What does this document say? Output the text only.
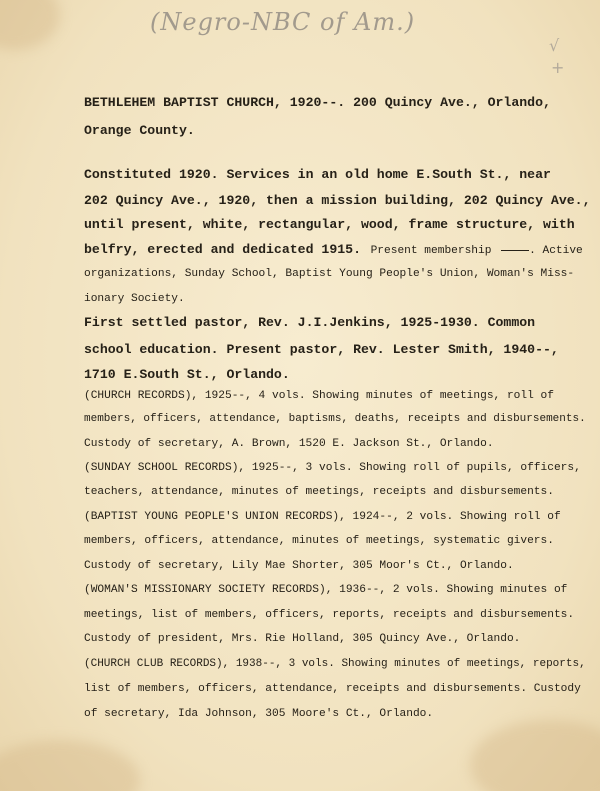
(Negro-NBC of Am.)
√
+
BETHLEHEM BAPTIST CHURCH, 1920--. 200 Quincy Ave., Orlando,
Orange County.
Constituted 1920. Services in an old home E.South St., near
202 Quincy Ave., 1920, then a mission building, 202 Quincy Ave.,
until present, white, rectangular, wood, frame structure, with
belfry, erected and dedicated 1915. Present membership	. Active
organizations, Sunday School, Baptist Young People's Union, Woman's Miss-
ionary Society.
First settled pastor, Rev. J.I.Jenkins, 1925-1930. Common
school education. Present pastor, Rev. Lester Smith, 1940--,
1710 E.South St., Orlando.
(CHURCH RECORDS), 1925--, 4 vols. Showing minutes of meetings, roll of
members, officers, attendance, baptisms, deaths, receipts and disbursements.
Custody of secretary, A. Brown, 1520 E. Jackson St., Orlando.
(SUNDAY SCHOOL RECORDS), 1925--, 3 vols. Showing roll of pupils, officers,
teachers, attendance, minutes of meetings, receipts and disbursements.
(BAPTIST YOUNG PEOPLE'S UNION RECORDS), 1924--, 2 vols. Showing roll of
members, officers, attendance, minutes of meetings, systematic givers.
Custody of secretary, Lily Mae Shorter, 305 Moor's Ct., Orlando.
(WOMAN'S MISSIONARY SOCIETY RECORDS), 1936--, 2 vols. Showing minutes of
meetings, list of members, officers, reports, receipts and disbursements.
Custody of president, Mrs. Rie Holland, 305 Quincy Ave., Orlando.
(CHURCH CLUB RECORDS), 1938--, 3 vols. Showing minutes of meetings, reports,
list of members, officers, attendance, receipts and disbursements. Custody
of secretary, Ida Johnson, 305 Moore's Ct., Orlando.
